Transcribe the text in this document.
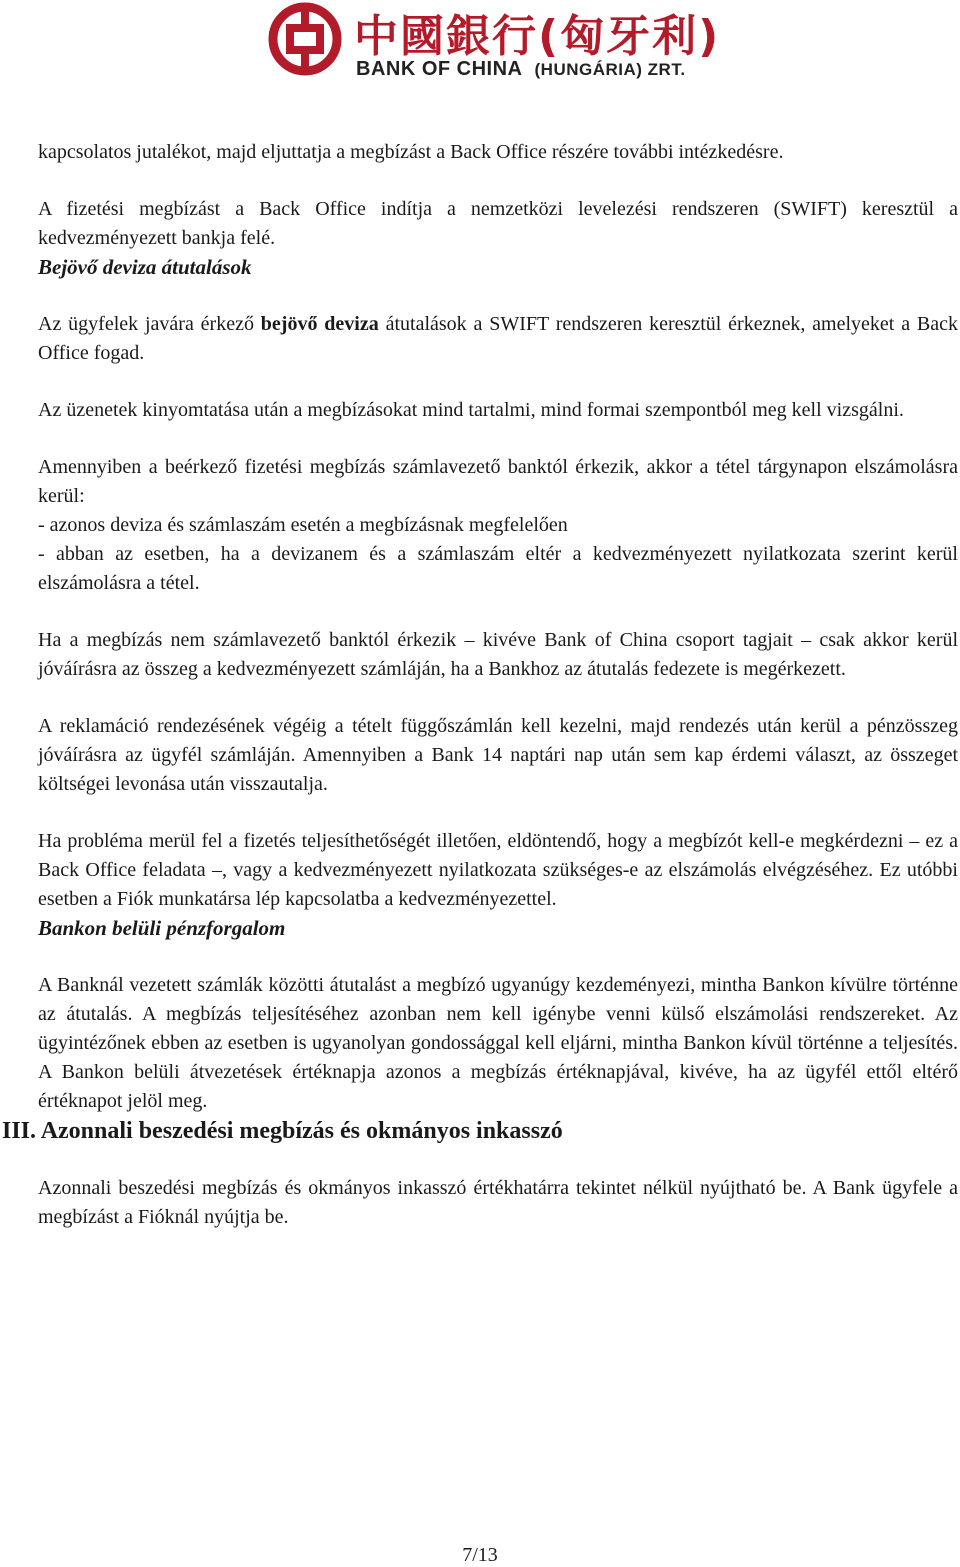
中國銀行(匈牙利)
BANK OF CHINA (HUNGÁRIA) ZRT.

kapcsolatos jutalékot, majd eljuttatja a megbízást a Back Office részére további intézkedésre.

A fizetési megbízást a Back Office indítja a nemzetközi levelezési rendszeren (SWIFT) keresztül a kedvezményezett bankja felé.

Bejövő deviza átutalások

Az ügyfelek javára érkező bejövő deviza átutalások a SWIFT rendszeren keresztül érkeznek, amelyeket a Back Office fogad.

Az üzenetek kinyomtatása után a megbízásokat mind tartalmi, mind formai szempontból meg kell vizsgálni.

Amennyiben a beérkező fizetési megbízás számlavezető banktól érkezik, akkor a tétel tárgynapon elszámolásra kerül:

- azonos deviza és számlaszám esetén a megbízásnak megfelelően

- abban az esetben, ha a devizanem és a számlaszám eltér a kedvezményezett nyilatkozata szerint kerül elszámolásra a tétel.

Ha a megbízás nem számlavezető banktól érkezik – kivéve Bank of China csoport tagjait – csak akkor kerül jóváírásra az összeg a kedvezményezett számláján, ha a Bankhoz az átutalás fedezete is megérkezett.

A reklamáció rendezésének végéig a tételt függőszámlán kell kezelni, majd rendezés után kerül a pénzösszeg jóváírásra az ügyfél számláján. Amennyiben a Bank 14 naptári nap után sem kap érdemi választ, az összeget költségei levonása után visszautalja.

Ha probléma merül fel a fizetés teljesíthetőségét illetően, eldöntendő, hogy a megbízót kell-e megkérdezni – ez a Back Office feladata –, vagy a kedvezményezett nyilatkozata szükséges-e az elszámolás elvégzéséhez. Ez utóbbi esetben a Fiók munkatársa lép kapcsolatba a kedvezményezettel.

Bankon belüli pénzforgalom

A Banknál vezetett számlák közötti átutalást a megbízó ugyanúgy kezdeményezi, mintha Bankon kívülre történne az átutalás. A megbízás teljesítéséhez azonban nem kell igénybe venni külső elszámolási rendszereket. Az ügyintézőnek ebben az esetben is ugyanolyan gondossággal kell eljárni, mintha Bankon kívül történne a teljesítés. A Bankon belüli átvezetések értéknapja azonos a megbízás értéknapjával, kivéve, ha az ügyfél ettől eltérő értéknapot jelöl meg.

III. Azonnali beszedési megbízás és okmányos inkasszó

Azonnali beszedési megbízás és okmányos inkasszó értékhatárra tekintet nélkül nyújtható be. A Bank ügyfele a megbízást a Fióknál nyújtja be.

7/13
